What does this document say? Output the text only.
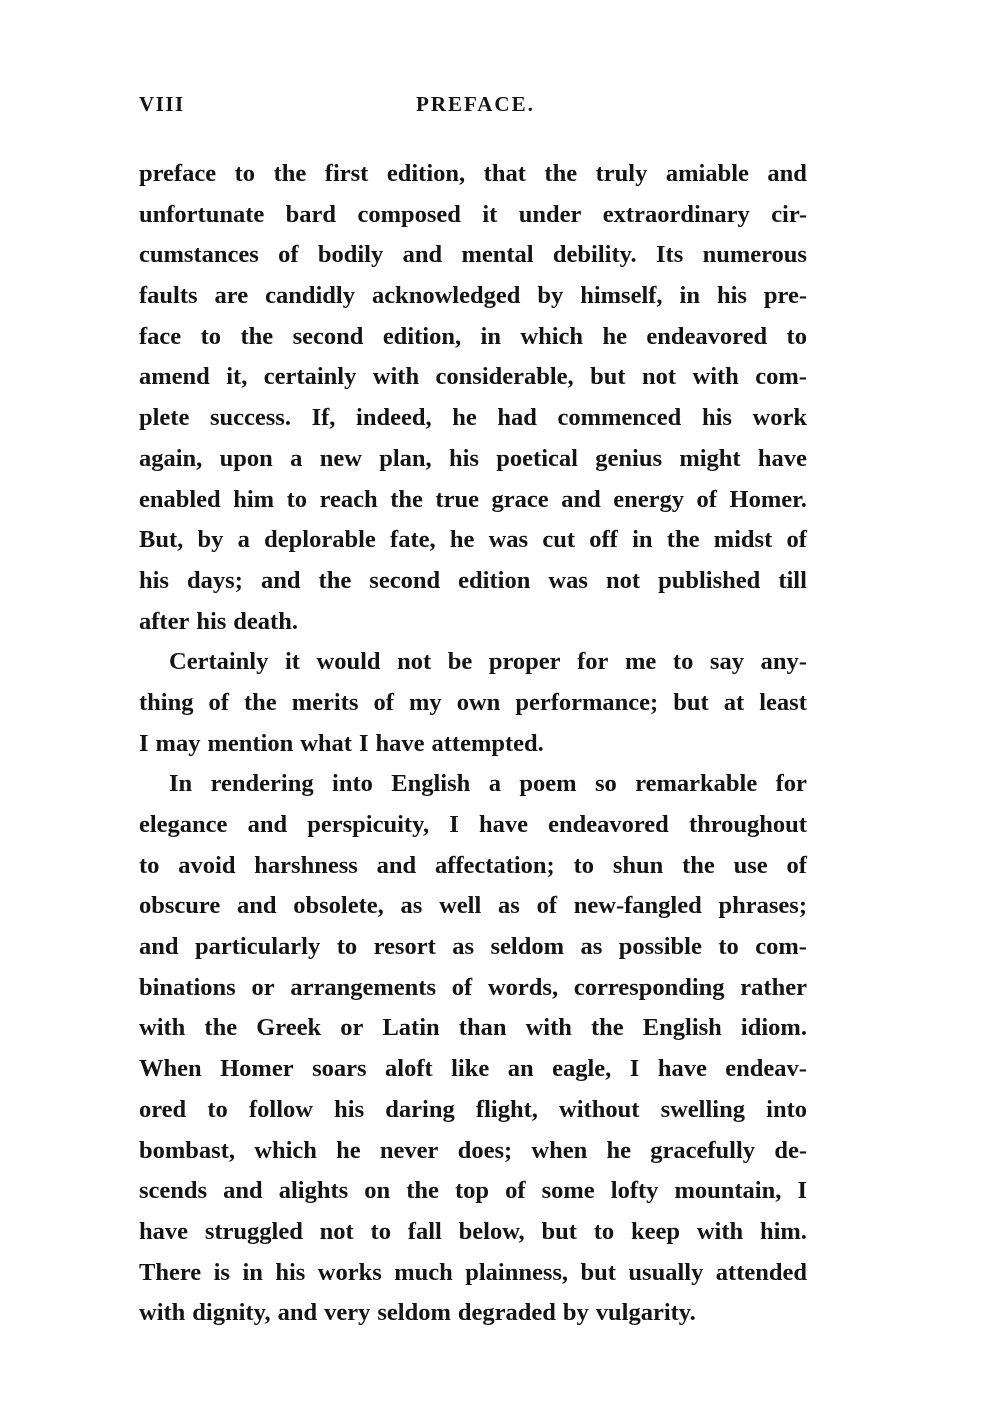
VIII	PREFACE.
preface to the first edition, that the truly amiable and
unfortunate bard composed it under extraordinary cir-
cumstances of bodily and mental debility. Its numerous
faults are candidly acknowledged by himself, in his pre-
face to the second edition, in which he endeavored to
amend it, certainly with considerable, but not with com-
plete success. If, indeed, he had commenced his work
again, upon a new plan, his poetical genius might have
enabled him to reach the true grace and energy of Homer.
But, by a deplorable fate, he was cut off in the midst of
his days; and the second edition was not published till
after his death.
Certainly it would not be proper for me to say any-
thing of the merits of my own performance; but at least
I may mention what I have attempted.
In rendering into English a poem so remarkable for
elegance and perspicuity, I have endeavored throughout
to avoid harshness and affectation; to shun the use of
obscure and obsolete, as well as of new-fangled phrases;
and particularly to resort as seldom as possible to com-
binations or arrangements of words, corresponding rather
with the Greek or Latin than with the English idiom.
When Homer soars aloft like an eagle, I have endeav-
ored to follow his daring flight, without swelling into
bombast, which he never does; when he gracefully de-
scends and alights on the top of some lofty mountain, I
have struggled not to fall below, but to keep with him.
There is in his works much plainness, but usually attended
with dignity, and very seldom degraded by vulgarity.
